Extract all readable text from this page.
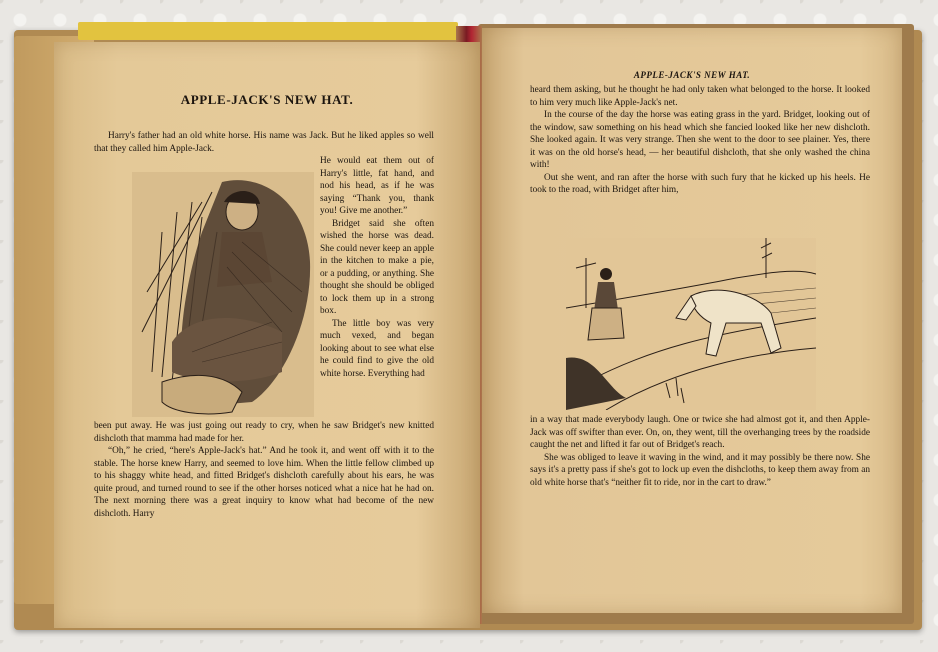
APPLE-JACK'S NEW HAT.

Harry's father had an old white horse. His name was Jack. But he liked apples so well that they called him Apple-Jack.

He would eat them out of Harry's little, fat hand, and nod his head, as if he was saying “Thank you, thank you! Give me another.”

Bridget said she often wished the horse was dead. She could never keep an apple in the kitchen to make a pie, or a pudding, or anything. She thought she should be obliged to lock them up in a strong box.

The little boy was very much vexed, and began looking about to see what else he could find to give the old white horse. Everything had

been put away. He was just going out ready to cry, when he saw Bridget's new knitted dishcloth that mamma had made for her.

“Oh,” he cried, “here's Apple-Jack's hat.” And he took it, and went off with it to the stable. The horse knew Harry, and seemed to love him. When the little fellow climbed up to his shaggy white head, and fitted Bridget's dishcloth carefully about his ears, he was quite proud, and turned round to see if the other horses noticed what a nice hat he had on. The next morning there was a great inquiry to know what had become of the new dishcloth. Harry

APPLE-JACK'S NEW HAT.

heard them asking, but he thought he had only taken what belonged to the horse. It looked to him very much like Apple-Jack's net.

In the course of the day the horse was eating grass in the yard. Bridget, looking out of the window, saw something on his head which she fancied looked like her new dishcloth. She looked again. It was very strange. Then she went to the door to see plainer. Yes, there it was on the old horse's head, — her beautiful dishcloth, that she only washed the china with!

Out she went, and ran after the horse with such fury that he kicked up his heels. He took to the road, with Bridget after him,

in a way that made everybody laugh. One or twice she had almost got it, and then Apple-Jack was off swifter than ever. On, on, they went, till the overhanging trees by the roadside caught the net and lifted it far out of Bridget's reach.

She was obliged to leave it waving in the wind, and it may possibly be there now. She says it's a pretty pass if she's got to lock up even the dishcloths, to keep them away from an old white horse that's “neither fit to ride, nor in the cart to draw.”
